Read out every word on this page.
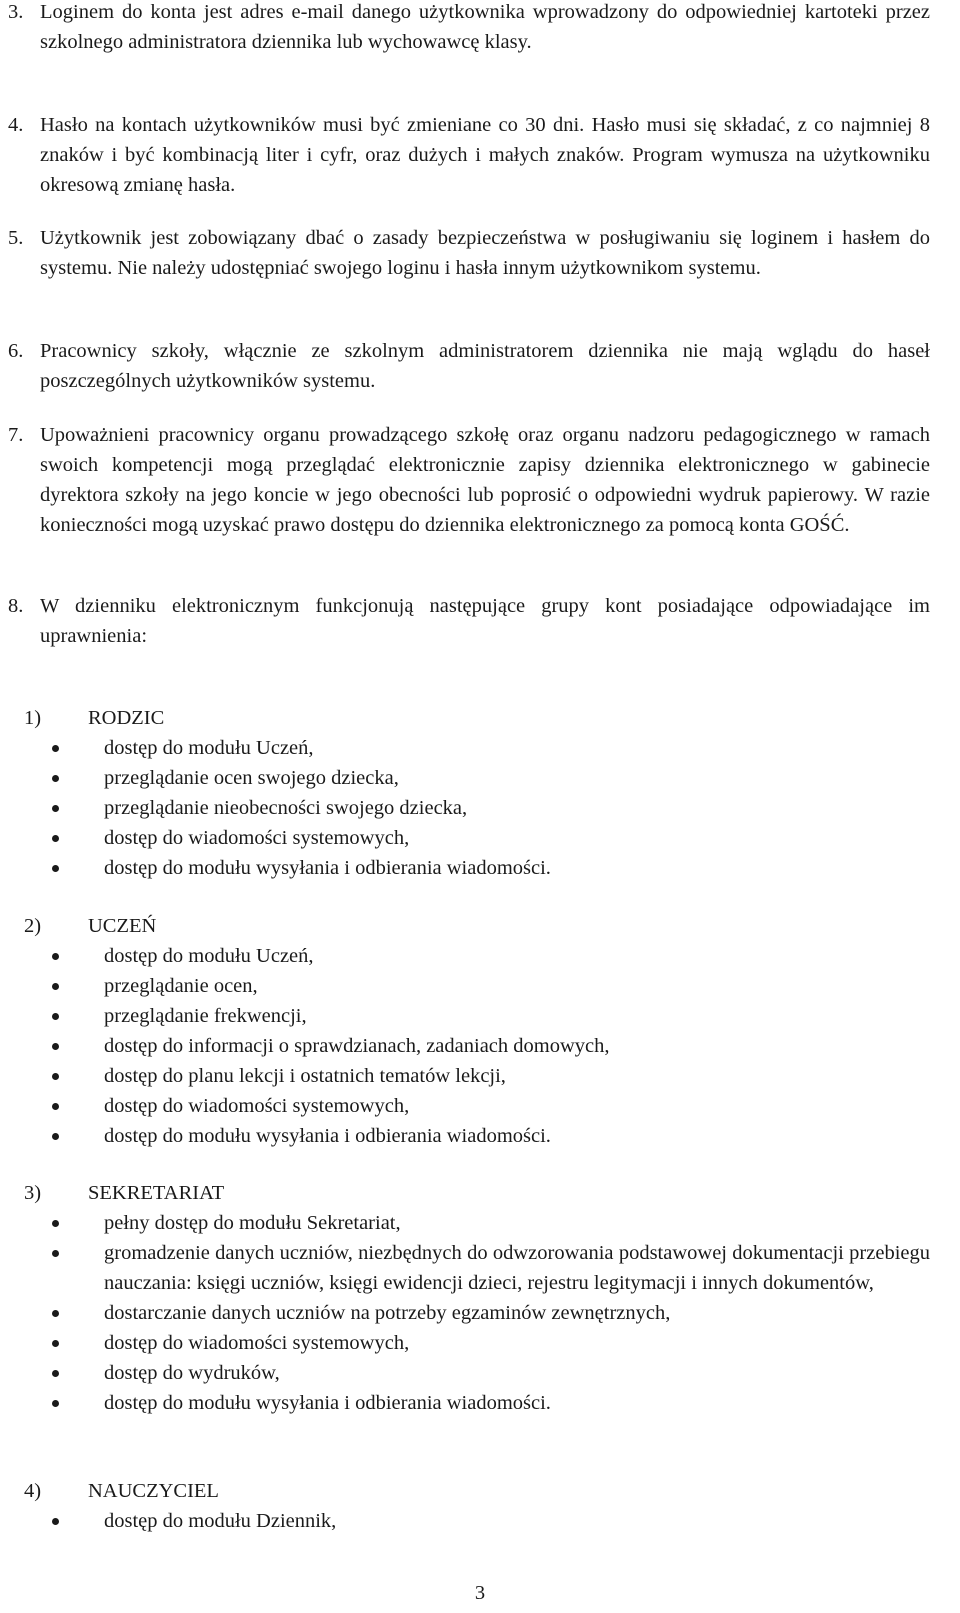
3. Loginem do konta jest adres e-mail danego użytkownika wprowadzony do odpowiedniej kartoteki przez szkolnego administratora dziennika lub wychowawcę klasy.
4. Hasło na kontach użytkowników musi być zmieniane co 30 dni. Hasło musi się składać, z co najmniej 8 znaków i być kombinacją liter i cyfr, oraz dużych i małych znaków. Program wymusza na użytkowniku okresową zmianę hasła.
5. Użytkownik jest zobowiązany dbać o zasady bezpieczeństwa w posługiwaniu się loginem i hasłem do systemu. Nie należy udostępniać swojego loginu i hasła innym użytkownikom systemu.
6. Pracownicy szkoły, włącznie ze szkolnym administratorem dziennika nie mają wglądu do haseł poszczególnych użytkowników systemu.
7. Upoważnieni pracownicy organu prowadzącego szkołę oraz organu nadzoru pedagogicznego w ramach swoich kompetencji mogą przeglądać elektronicznie zapisy dziennika elektronicznego w gabinecie dyrektora szkoły na jego koncie w jego obecności lub poprosić o odpowiedni wydruk papierowy. W razie konieczności mogą uzyskać prawo dostępu do dziennika elektronicznego za pomocą konta GOŚĆ.
8. W dzienniku elektronicznym funkcjonują następujące grupy kont posiadające odpowiadające im uprawnienia:
1) RODZIC
dostęp do modułu Uczeń,
przeglądanie ocen swojego dziecka,
przeglądanie nieobecności swojego dziecka,
dostęp do wiadomości systemowych,
dostęp do modułu wysyłania i odbierania wiadomości.
2) UCZEŃ
dostęp do modułu Uczeń,
przeglądanie ocen,
przeglądanie frekwencji,
dostęp do informacji o sprawdzianach, zadaniach domowych,
dostęp do planu lekcji i ostatnich tematów lekcji,
dostęp do wiadomości systemowych,
dostęp do modułu wysyłania i odbierania wiadomości.
3) SEKRETARIAT
pełny dostęp do modułu Sekretariat,
gromadzenie danych uczniów, niezbędnych do odwzorowania podstawowej dokumentacji przebiegu nauczania: księgi uczniów, księgi ewidencji dzieci, rejestru legitymacji i innych dokumentów,
dostarczanie danych uczniów na potrzeby egzaminów zewnętrznych,
dostęp do wiadomości systemowych,
dostęp do wydruków,
dostęp do modułu wysyłania i odbierania wiadomości.
4) NAUCZYCIEL
dostęp do modułu Dziennik,
3
